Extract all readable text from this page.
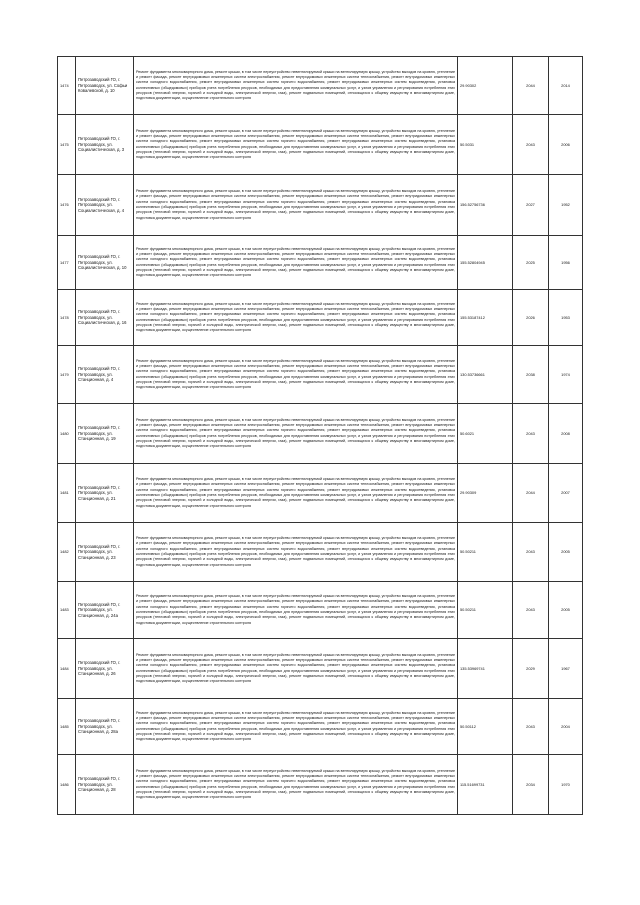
1474	Петрозаводский ГО, г. Петрозаводск, ул. Софьи Ковалевской, д. 10	Ремонт фундамента многоквартирного дома, ремонт крыши, в том числе переустройство невентилируемой крыши на вентилируемую крышу, устройство выходов на кровлю, утепление и ремонт фасада, ремонт внутридомовых инженерных систем электроснабжения, ремонт внутридомовых инженерных систем теплоснабжения, ремонт внутридомовых инженерных систем холодного водоснабжения, ремонт внутридомовых инженерных систем горячего водоснабжения, ремонт внутридомовых инженерных систем водоотведения, установка коллективных (общедомовых) приборов учета потребления ресурсов, необходимых для предоставления коммунальных услуг, и узлов управления и регулирования потребления этих ресурсов (тепловой энергии, горячей и холодной воды, электрической энергии, газа), ремонт подвальных помещений, относящихся к общему имуществу в многоквартирном доме, подготовка документации, осуществление строительного контроля	29.90302	2044	2014
1475	Петрозаводский ГО, г. Петрозаводск, ул. Социалистическая, д. 3	Ремонт фундамента многоквартирного дома, ремонт крыши, в том числе переустройство невентилируемой крыши на вентилируемую крышу, устройство выходов на кровлю, утепление и ремонт фасада, ремонт внутридомовых инженерных систем электроснабжения, ремонт внутридомовых инженерных систем теплоснабжения, ремонт внутридомовых инженерных систем холодного водоснабжения, ремонт внутридомовых инженерных систем горячего водоснабжения, ремонт внутридомовых инженерных систем водоотведения, установка коллективных (общедомовых) приборов учета потребления ресурсов, необходимых для предоставления коммунальных услуг, и узлов управления и регулирования потребления этих ресурсов (тепловой энергии, горячей и холодной воды, электрической энергии, газа), ремонт подвальных помещений, относящихся к общему имуществу в многоквартирном доме, подготовка документации, осуществление строительного контроля	50.5031	2043	2006
1476	Петрозаводский ГО, г. Петрозаводск, ул. Социалистическая, д. 4	Ремонт фундамента многоквартирного дома, ремонт крыши, в том числе переустройство невентилируемой крыши на вентилируемую крышу, устройство выходов на кровлю, утепление и ремонт фасада, ремонт внутридомовых инженерных систем электроснабжения, ремонт внутридомовых инженерных систем теплоснабжения, ремонт внутридомовых инженерных систем холодного водоснабжения, ремонт внутридомовых инженерных систем горячего водоснабжения, ремонт внутридомовых инженерных систем водоотведения, установка коллективных (общедомовых) приборов учета потребления ресурсов, необходимых для предоставления коммунальных услуг, и узлов управления и регулирования потребления этих ресурсов (тепловой энергии, горячей и холодной воды, электрической энергии, газа), ремонт подвальных помещений, относящихся к общему имуществу в многоквартирном доме, подготовка документации, осуществление строительного контроля	156.52756736	2027	1952
1477	Петрозаводский ГО, г. Петрозаводск, ул. Социалистическая, д. 10	Ремонт фундамента многоквартирного дома, ремонт крыши, в том числе переустройство невентилируемой крыши на вентилируемую крышу, устройство выходов на кровлю, утепление и ремонт фасада, ремонт внутридомовых инженерных систем электроснабжения, ремонт внутридомовых инженерных систем теплоснабжения, ремонт внутридомовых инженерных систем холодного водоснабжения, ремонт внутридомовых инженерных систем горячего водоснабжения, ремонт внутридомовых инженерных систем водоотведения, установка коллективных (общедомовых) приборов учета потребления ресурсов, необходимых для предоставления коммунальных услуг, и узлов управления и регулирования потребления этих ресурсов (тепловой энергии, горячей и холодной воды, электрической энергии, газа), ремонт подвальных помещений, относящихся к общему имуществу в многоквартирном доме, подготовка документации, осуществление строительного контроля	155.52804945	2025	1956
1478	Петрозаводский ГО, г. Петрозаводск, ул. Социалистическая, д. 16	Ремонт фундамента многоквартирного дома, ремонт крыши, в том числе переустройство невентилируемой крыши на вентилируемую крышу, устройство выходов на кровлю, утепление и ремонт фасада, ремонт внутридомовых инженерных систем электроснабжения, ремонт внутридомовых инженерных систем теплоснабжения, ремонт внутридомовых инженерных систем холодного водоснабжения, ремонт внутридомовых инженерных систем горячего водоснабжения, ремонт внутридомовых инженерных систем водоотведения, установка коллективных (общедомовых) приборов учета потребления ресурсов, необходимых для предоставления коммунальных услуг, и узлов управления и регулирования потребления этих ресурсов (тепловой энергии, горячей и холодной воды, электрической энергии, газа), ремонт подвальных помещений, относящихся к общему имуществу в многоквартирном доме, подготовка документации, осуществление строительного контроля	155.53187412	2026	1953
1479	Петрозаводский ГО, г. Петрозаводск, ул. Станционная, д. 4	Ремонт фундамента многоквартирного дома, ремонт крыши, в том числе переустройство невентилируемой крыши на вентилируемую крышу, устройство выходов на кровлю, утепление и ремонт фасада, ремонт внутридомовых инженерных систем электроснабжения, ремонт внутридомовых инженерных систем теплоснабжения, ремонт внутридомовых инженерных систем холодного водоснабжения, ремонт внутридомовых инженерных систем горячего водоснабжения, ремонт внутридомовых инженерных систем водоотведения, установка коллективных (общедомовых) приборов учета потребления ресурсов, необходимых для предоставления коммунальных услуг, и узлов управления и регулирования потребления этих ресурсов (тепловой энергии, горячей и холодной воды, электрической энергии, газа), ремонт подвальных помещений, относящихся к общему имуществу в многоквартирном доме, подготовка документации, осуществление строительного контроля	130.53736661	2038	1974
1480	Петрозаводский ГО, г. Петрозаводск, ул. Станционная, д. 19	Ремонт фундамента многоквартирного дома, ремонт крыши, в том числе переустройство невентилируемой крыши на вентилируемую крышу, устройство выходов на кровлю, утепление и ремонт фасада, ремонт внутридомовых инженерных систем электроснабжения, ремонт внутридомовых инженерных систем теплоснабжения, ремонт внутридомовых инженерных систем холодного водоснабжения, ремонт внутридомовых инженерных систем горячего водоснабжения, ремонт внутридомовых инженерных систем водоотведения, установка коллективных (общедомовых) приборов учета потребления ресурсов, необходимых для предоставления коммунальных услуг, и узлов управления и регулирования потребления этих ресурсов (тепловой энергии, горячей и холодной воды, электрической энергии, газа), ремонт подвальных помещений, относящихся к общему имуществу в многоквартирном доме, подготовка документации, осуществление строительного контроля	50.6021	2043	2008
1481	Петрозаводский ГО, г. Петрозаводск, ул. Станционная, д. 21	Ремонт фундамента многоквартирного дома, ремонт крыши, в том числе переустройство невентилируемой крыши на вентилируемую крышу, устройство выходов на кровлю, утепление и ремонт фасада, ремонт внутридомовых инженерных систем электроснабжения, ремонт внутридомовых инженерных систем теплоснабжения, ремонт внутридомовых инженерных систем холодного водоснабжения, ремонт внутридомовых инженерных систем горячего водоснабжения, ремонт внутридомовых инженерных систем водоотведения, установка коллективных (общедомовых) приборов учета потребления ресурсов, необходимых для предоставления коммунальных услуг, и узлов управления и регулирования потребления этих ресурсов (тепловой энергии, горячей и холодной воды, электрической энергии, газа), ремонт подвальных помещений, относящихся к общему имуществу в многоквартирном доме, подготовка документации, осуществление строительного контроля	29.90309	2044	2007
1482	Петрозаводский ГО, г. Петрозаводск, ул. Станционная, д. 23	Ремонт фундамента многоквартирного дома, ремонт крыши, в том числе переустройство невентилируемой крыши на вентилируемую крышу, устройство выходов на кровлю, утепление и ремонт фасада, ремонт внутридомовых инженерных систем электроснабжения, ремонт внутридомовых инженерных систем теплоснабжения, ремонт внутридомовых инженерных систем холодного водоснабжения, ремонт внутридомовых инженерных систем горячего водоснабжения, ремонт внутридомовых инженерных систем водоотведения, установка коллективных (общедомовых) приборов учета потребления ресурсов, необходимых для предоставления коммунальных услуг, и узлов управления и регулирования потребления этих ресурсов (тепловой энергии, горячей и холодной воды, электрической энергии, газа), ремонт подвальных помещений, относящихся к общему имуществу в многоквартирном доме, подготовка документации, осуществление строительного контроля	50.50211	2043	2005
1483	Петрозаводский ГО, г. Петрозаводск, ул. Станционная, д. 24а	Ремонт фундамента многоквартирного дома, ремонт крыши, в том числе переустройство невентилируемой крыши на вентилируемую крышу, устройство выходов на кровлю, утепление и ремонт фасада, ремонт внутридомовых инженерных систем электроснабжения, ремонт внутридомовых инженерных систем теплоснабжения, ремонт внутридомовых инженерных систем холодного водоснабжения, ремонт внутридомовых инженерных систем горячего водоснабжения, ремонт внутридомовых инженерных систем водоотведения, установка коллективных (общедомовых) приборов учета потребления ресурсов, необходимых для предоставления коммунальных услуг, и узлов управления и регулирования потребления этих ресурсов (тепловой энергии, горячей и холодной воды, электрической энергии, газа), ремонт подвальных помещений, относящихся к общему имуществу в многоквартирном доме, подготовка документации, осуществление строительного контроля	50.50211	2043	2005
1484	Петрозаводский ГО, г. Петрозаводск, ул. Станционная, д. 26	Ремонт фундамента многоквартирного дома, ремонт крыши, в том числе переустройство невентилируемой крыши на вентилируемую крышу, устройство выходов на кровлю, утепление и ремонт фасада, ремонт внутридомовых инженерных систем электроснабжения, ремонт внутридомовых инженерных систем теплоснабжения, ремонт внутридомовых инженерных систем холодного водоснабжения, ремонт внутридомовых инженерных систем горячего водоснабжения, ремонт внутридомовых инженерных систем водоотведения, установка коллективных (общедомовых) приборов учета потребления ресурсов, необходимых для предоставления коммунальных услуг, и узлов управления и регулирования потребления этих ресурсов (тепловой энергии, горячей и холодной воды, электрической энергии, газа), ремонт подвальных помещений, относящихся к общему имуществу в многоквартирном доме, подготовка документации, осуществление строительного контроля	135.53969741	2029	1967
1485	Петрозаводский ГО, г. Петрозаводск, ул. Станционная, д. 28а	Ремонт фундамента многоквартирного дома, ремонт крыши, в том числе переустройство невентилируемой крыши на вентилируемую крышу, устройство выходов на кровлю, утепление и ремонт фасада, ремонт внутридомовых инженерных систем электроснабжения, ремонт внутридомовых инженерных систем теплоснабжения, ремонт внутридомовых инженерных систем холодного водоснабжения, ремонт внутридомовых инженерных систем горячего водоснабжения, ремонт внутридомовых инженерных систем водоотведения, установка коллективных (общедомовых) приборов учета потребления ресурсов, необходимых для предоставления коммунальных услуг, и узлов управления и регулирования потребления этих ресурсов (тепловой энергии, горячей и холодной воды, электрической энергии, газа), ремонт подвальных помещений, относящихся к общему имуществу в многоквартирном доме, подготовка документации, осуществление строительного контроля	50.50112	2043	2004
1486	Петрозаводский ГО, г. Петрозаводск, ул. Станционная, д. 28	Ремонт фундамента многоквартирного дома, ремонт крыши, в том числе переустройство невентилируемой крыши на вентилируемую крышу, устройство выходов на кровлю, утепление и ремонт фасада, ремонт внутридомовых инженерных систем электроснабжения, ремонт внутридомовых инженерных систем теплоснабжения, ремонт внутридомовых инженерных систем холодного водоснабжения, ремонт внутридомовых инженерных систем горячего водоснабжения, ремонт внутридомовых инженерных систем водоотведения, установка коллективных (общедомовых) приборов учета потребления ресурсов, необходимых для предоставления коммунальных услуг, и узлов управления и регулирования потребления этих ресурсов (тепловой энергии, горячей и холодной воды, электрической энергии, газа), ремонт подвальных помещений, относящихся к общему имуществу в многоквартирном доме, подготовка документации, осуществление строительного контроля	115.51699731	2034	1970
